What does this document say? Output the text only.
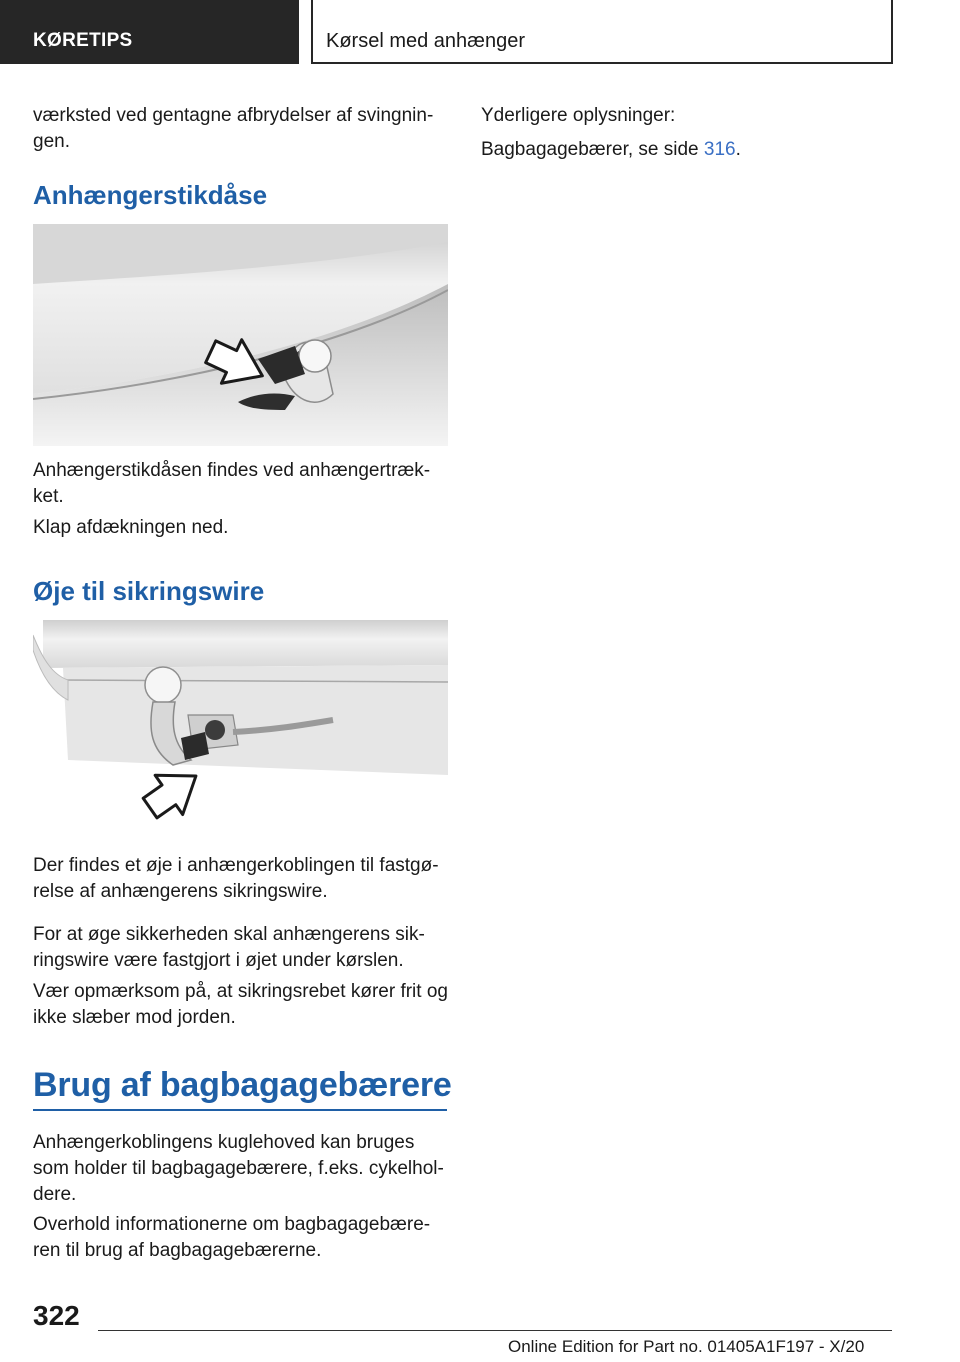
KØRETIPS	Kørsel med anhænger

værksted ved gentagne afbrydelser af svingnin‐gen.

Anhængerstikdåse

Anhængerstikdåsen findes ved anhængertræk‐ket.

Klap afdækningen ned.

Øje til sikringswire

Der findes et øje i anhængerkoblingen til fastgø‐relse af anhængerens sikringswire.

For at øge sikkerheden skal anhængerens sik‐ringswire være fastgjort i øjet under kørslen.

Vær opmærksom på, at sikringsrebet kører frit og ikke slæber mod jorden.

Brug af bagbagagebærere

Anhængerkoblingens kuglehoved kan bruges som holder til bagbagagebærere, f.eks. cykelhol‐dere.

Overhold informationerne om bagbagagebære‐ren til brug af bagbagagebærerne.

Yderligere oplysninger:

Bagbagagebærer, se side 316.

322
Online Edition for Part no. 01405A1F197 - X/20
